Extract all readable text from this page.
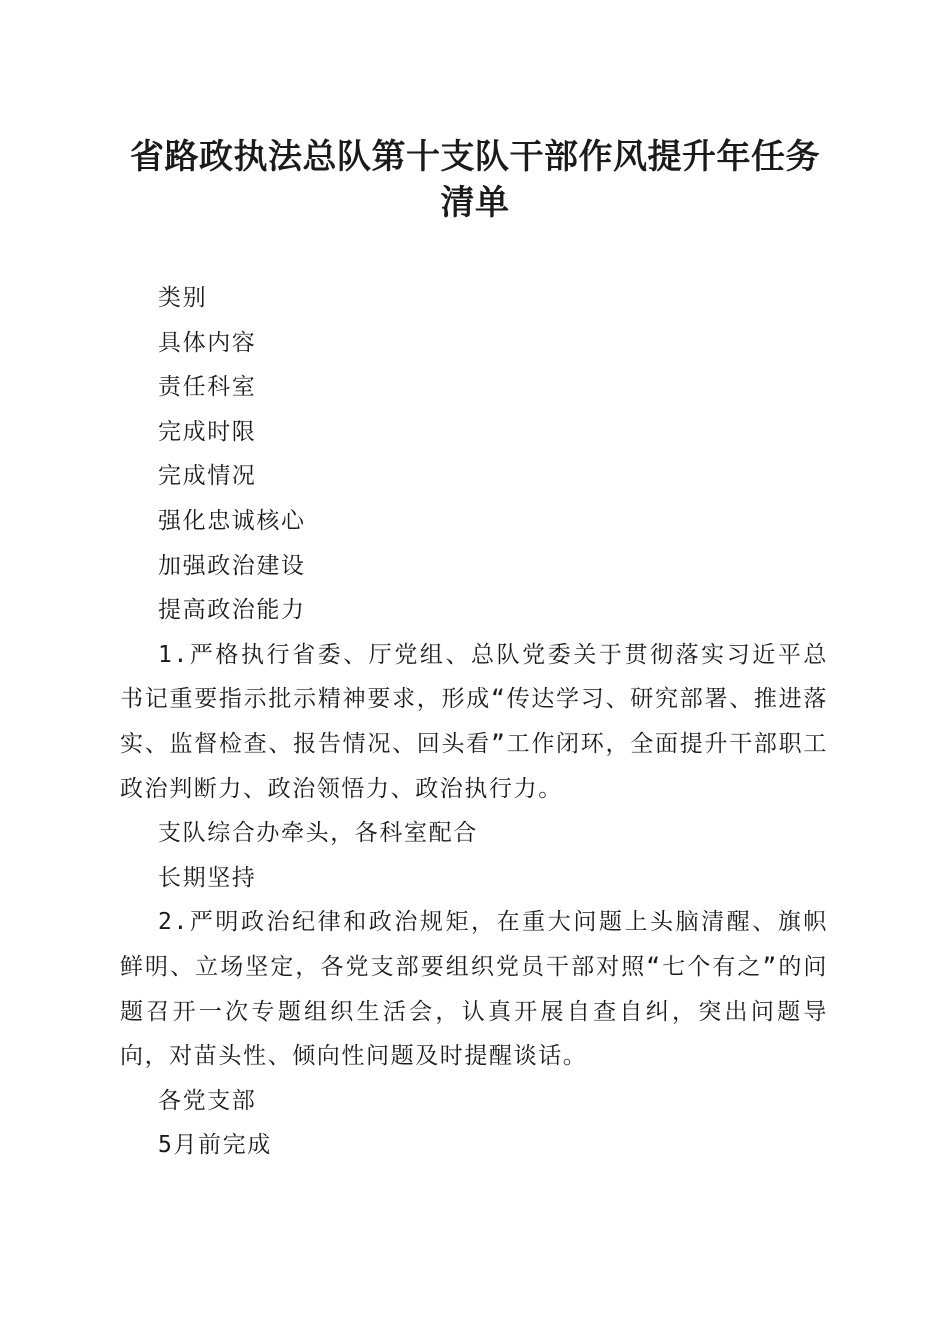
省路政执法总队第十支队干部作风提升年任务
清单

类别

具体内容

责任科室

完成时限

完成情况

强化忠诚核心

加强政治建设

提高政治能力

1.严格执行省委、厅党组、总队党委关于贯彻落实习近平总书记重要指示批示精神要求，形成“传达学习、研究部署、推进落实、监督检查、报告情况、回头看”工作闭环，全面提升干部职工政治判断力、政治领悟力、政治执行力。

支队综合办牵头，各科室配合

长期坚持

2.严明政治纪律和政治规矩，在重大问题上头脑清醒、旗帜鲜明、立场坚定，各党支部要组织党员干部对照“七个有之”的问题召开一次专题组织生活会，认真开展自查自纠，突出问题导向，对苗头性、倾向性问题及时提醒谈话。

各党支部

5月前完成
